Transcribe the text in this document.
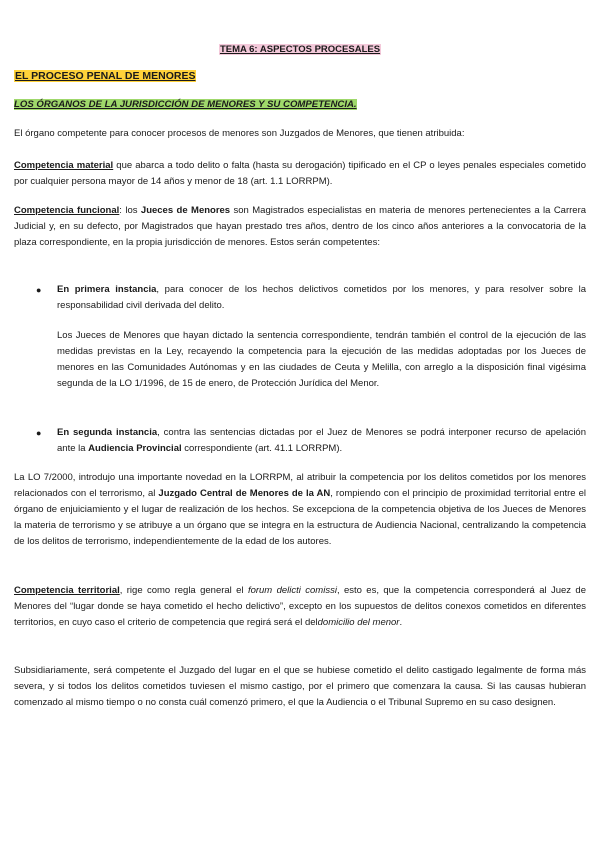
TEMA 6: ASPECTOS PROCESALES
EL PROCESO PENAL DE MENORES
LOS ÓRGANOS DE LA JURISDICCIÓN DE MENORES Y SU COMPETENCIA.
El órgano competente para conocer procesos de menores son Juzgados de Menores, que tienen atribuida:
Competencia material que abarca a todo delito o falta (hasta su derogación) tipificado en el CP o leyes penales especiales cometido por cualquier persona mayor de 14 años y menor de 18 (art. 1.1 LORRPM).
Competencia funcional: los Jueces de Menores son Magistrados especialistas en materia de menores pertenecientes a la Carrera Judicial y, en su defecto, por Magistrados que hayan prestado tres años, dentro de los cinco años anteriores a la convocatoria de la plaza correspondiente, en la propia jurisdicción de menores. Estos serán competentes:
● En primera instancia, para conocer de los hechos delictivos cometidos por los menores, y para resolver sobre la responsabilidad civil derivada del delito.
Los Jueces de Menores que hayan dictado la sentencia correspondiente, tendrán también el control de la ejecución de las medidas previstas en la Ley, recayendo la competencia para la ejecución de las medidas adoptadas por los Jueces de menores en las Comunidades Autónomas y en las ciudades de Ceuta y Melilla, con arreglo a la disposición final vigésima segunda de la LO 1/1996, de 15 de enero, de Protección Jurídica del Menor.
● En segunda instancia, contra las sentencias dictadas por el Juez de Menores se podrá interponer recurso de apelación ante la Audiencia Provincial correspondiente (art. 41.1 LORRPM).
La LO 7/2000, introdujo una importante novedad en la LORRPM, al atribuir la competencia por los delitos cometidos por los menores relacionados con el terrorismo, al Juzgado Central de Menores de la AN, rompiendo con el principio de proximidad territorial entre el órgano de enjuiciamiento y el lugar de realización de los hechos. Se excepciona de la competencia objetiva de los Jueces de Menores la materia de terrorismo y se atribuye a un órgano que se integra en la estructura de Audiencia Nacional, centralizando la competencia de los delitos de terrorismo, independientemente de la edad de los autores.
Competencia territorial, rige como regla general el forum delicti comissi, esto es, que la competencia corresponderá al Juez de Menores del “lugar donde se haya cometido el hecho delictivo”, excepto en los supuestos de delitos conexos cometidos en diferentes territorios, en cuyo caso el criterio de competencia que regirá será el deldomicilio del menor.
Subsidiariamente, será competente el Juzgado del lugar en el que se hubiese cometido el delito castigado legalmente de forma más severa, y si todos los delitos cometidos tuviesen el mismo castigo, por el primero que comenzara la causa. Si las causas hubieran comenzado al mismo tiempo o no consta cuál comenzó primero, el que la Audiencia o el Tribunal Supremo en su caso designen.
